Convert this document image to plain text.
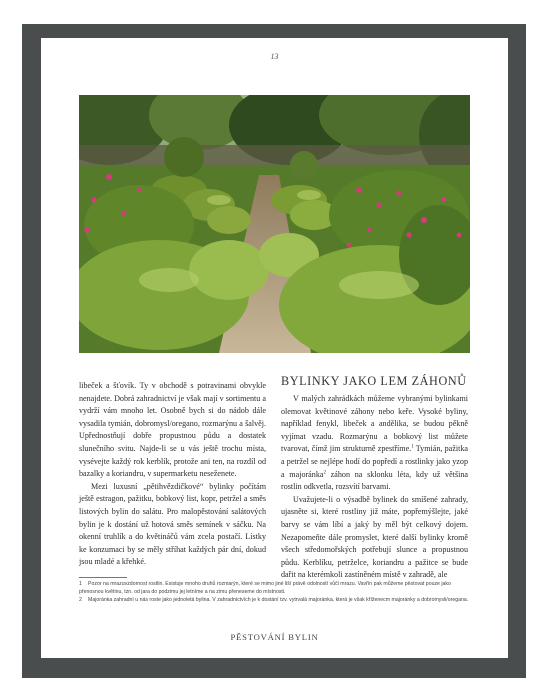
13

libeček a šťovík. Ty v obchodě s potravinami obvykle nenajdete. Dobrá zahradnictví je však mají v sortimentu a vydrží vám mnoho let. Osobně bych si do nádob dále vysadila tymián, dobromysl/oregano, rozmarýnu a šalvěj. Upřednostňují dobře propustnou půdu a dostatek slunečního svitu. Najde-li se u vás ještě trochu místa, vysévejte každý rok kerblík, protože ani ten, na rozdíl od bazalky a koriandru, v supermarketu neseženete.

Mezi luxusní „pětihvězdičkové“ bylinky počítám ještě estragon, pažitku, bobkový list, kopr, petržel a směs listových bylin do salátu. Pro malopěstování salátových bylin je k dostání už hotová směs semínek v sáčku. Na okenní truhlík a do květináčů vám zcela postačí. Lístky ke konzumaci by se měly stříhat každých pár dní, dokud jsou mladé a křehké.

BYLINKY JAKO LEM ZÁHONŮ

V malých zahrádkách můžeme vybranými bylinkami olemovat květinové záhony nebo keře. Vysoké byliny, například fenykl, libeček a andělika, se budou pěkně vyjímat vzadu. Rozmarýnu a bobkový list můžete tvarovat, čímž jim strukturně zpestříme.$^1$ Tymián, pažitka a petržel se nejlépe hodí do popředí a rostlinky jako yzop a majoránka$^2$ záhon na sklonku léta, kdy už většina rostlin odkvetla, rozsvítí barvami.

Uvažujete-li o výsadbě bylinek do smíšené zahrady, ujasněte si, které rostliny již máte, popřemýšlejte, jaké barvy se vám líbí a jaký by měl být celkový dojem. Nezapomeňte dále promyslet, které další bylinky kromě všech středomořských potřebují slunce a propustnou půdu. Kerblíku, petrželce, koriandru a pažitce se bude dařit na kterémkoli zastíněném místě v zahradě, ale

1 Pozor na mrazuvzdornost rostlin. Existuje mnoho druhů rozmarýn, které se mimo jiné liší právě odolností vůči mrazu. Vavřín pak můžeme pěstovat pouze jako přenosnou květinu, tzn. od jara do podzimu jej letníme a na zimu přeneseme do místnosti.
2 Majoránka zahradní u nás roste jako jednoletá bylina. V zahradnictvích je k dostání tzv. vytrvalá majoránka, která je však kříženecm majoránky a dobromysli/oregana.
PĚSTOVÁNÍ BYLIN
